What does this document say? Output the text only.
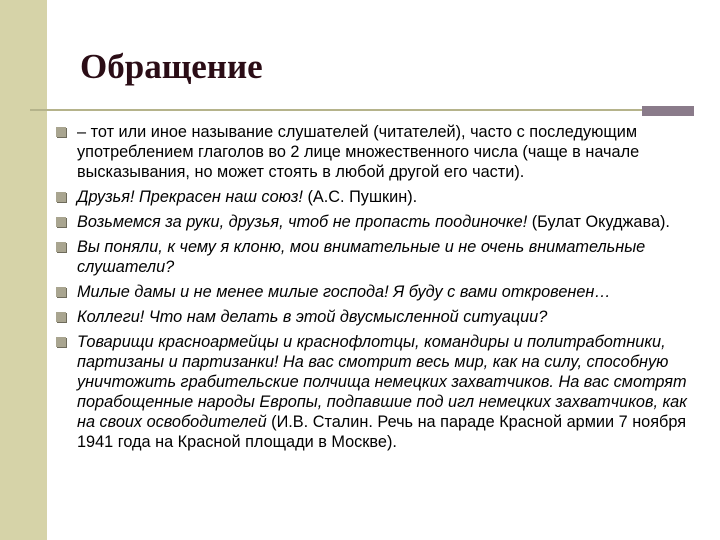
Обращение
– тот или иное называние слушателей (читателей), часто с последующим употреблением глаголов во 2 лице множественного числа (чаще в начале высказывания, но может стоять в любой другой его части).
Друзья! Прекрасен наш союз! (А.С. Пушкин).
Возьмемся за руки, друзья, чтоб не пропасть поодиночке! (Булат Окуджава).
Вы поняли, к чему я клоню, мои внимательные и не очень внимательные слушатели?
Милые дамы и не менее милые господа! Я буду с вами откровенен…
Коллеги! Что нам делать в этой двусмысленной ситуации?
Товарищи красноармейцы и краснофлотцы, командиры и политработники, партизаны и партизанки! На вас смотрит весь мир, как на силу, способную уничтожить грабительские полчища немецких захватчиков. На вас смотрят порабощенные народы Европы, подпавшие под игл немецких захватчиков, как на своих освободителей (И.В. Сталин. Речь на параде Красной армии 7 ноября 1941 года на Красной площади в Москве).
